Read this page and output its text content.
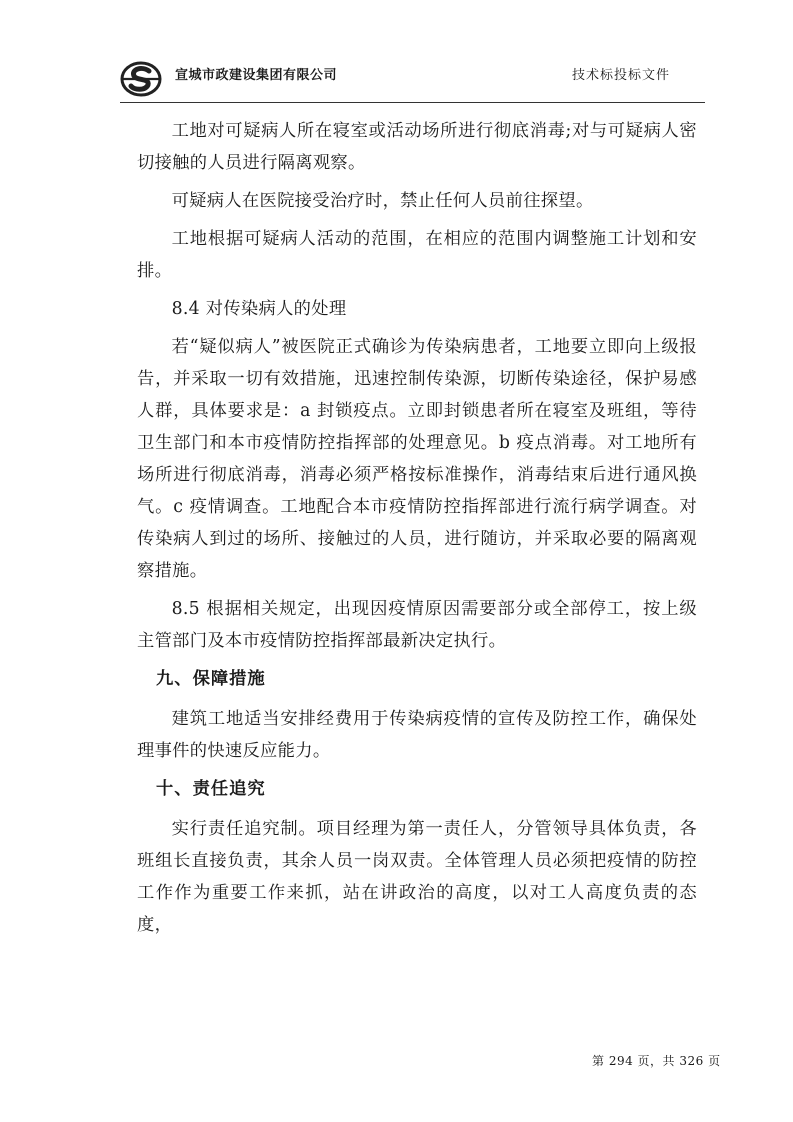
宣城市政建设集团有限公司	技术标投标文件

工地对可疑病人所在寝室或活动场所进行彻底消毒;对与可疑病人密切接触的人员进行隔离观察。

可疑病人在医院接受治疗时，禁止任何人员前往探望。

工地根据可疑病人活动的范围，在相应的范围内调整施工计划和安排。

8.4 对传染病人的处理

若“疑似病人”被医院正式确诊为传染病患者，工地要立即向上级报告，并采取一切有效措施，迅速控制传染源，切断传染途径，保护易感人群，具体要求是：a 封锁疫点。立即封锁患者所在寝室及班组，等待卫生部门和本市疫情防控指挥部的处理意见。b 疫点消毒。对工地所有场所进行彻底消毒，消毒必须严格按标准操作，消毒结束后进行通风换气。c 疫情调查。工地配合本市疫情防控指挥部进行流行病学调查。对传染病人到过的场所、接触过的人员，进行随访，并采取必要的隔离观察措施。

8.5 根据相关规定，出现因疫情原因需要部分或全部停工，按上级主管部门及本市疫情防控指挥部最新决定执行。

九、保障措施

建筑工地适当安排经费用于传染病疫情的宣传及防控工作，确保处理事件的快速反应能力。

十、责任追究

实行责任追究制。项目经理为第一责任人，分管领导具体负责，各班组长直接负责，其余人员一岗双责。全体管理人员必须把疫情的防控工作作为重要工作来抓，站在讲政治的高度，以对工人高度负责的态度，

第 294 页，共 326 页
